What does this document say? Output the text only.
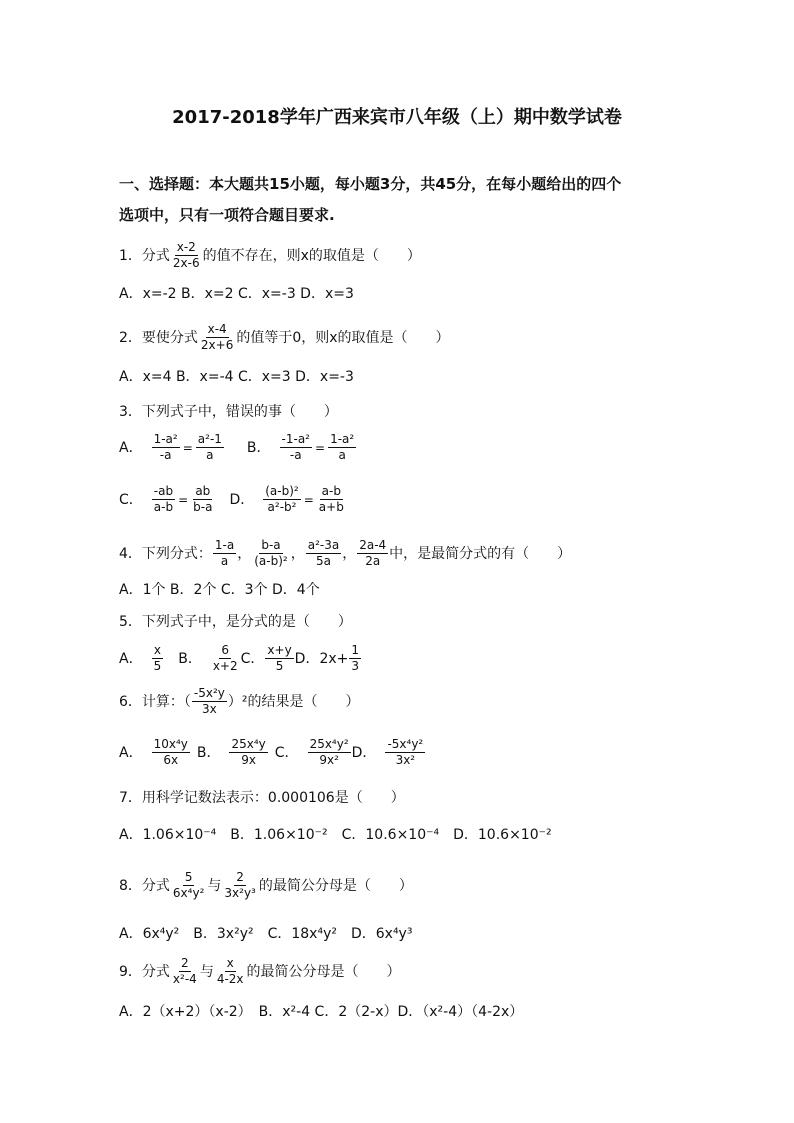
2017-2018学年广西来宾市八年级（上）期中数学试卷
一、选择题：本大题共15小题，每小题3分，共45分，在每小题给出的四个
选项中，只有一项符合题目要求.
1．分式 $\frac{x-2}{2x-6}$ 的值不存在，则x的取值是（　　）
A．x=-2 B．x=2 C．x=-3 D．x=3
2．要使分式 $\frac{x-4}{2x+6}$ 的值等于0，则x的取值是（　　）
A．x=4 B．x=-4 C．x=3 D．x=-3
3．下列式子中，错误的事（　　）
A． $\frac{\text{1-a²}}{-a} = \frac{\text{a²-1}}{a}$ B． $\frac{\text{-1-a²}}{-a} = \frac{\text{1-a²}}{a}$
C． $\frac{-ab}{a-b} = \frac{ab}{b-a}$ D． $\frac{\text{(a-b)²}}{\text{a²-b²}} = \frac{a-b}{a+b}$
4．下列分式： $\frac{1-a}{a}$ ， $\frac{b-a}{\text{(a-b)²}}$ ， $\frac{\text{a²-3a}}{5a}$ ， $\frac{2a-4}{2a}$ 中，是最简分式的有（　　）
A．1个 B．2个 C．3个 D．4个
5．下列式子中，是分式的是（　　）
A． $\frac{x}{5}$ B． $\frac{6}{x+2}$ C． $\frac{x+y}{5}$ D． $2x+ \frac{1}{3}$
6．计算：（ $\frac{\text{-5x²y}}{3x} )^2$的结果是（　　）
A． $\frac{\text{10x⁴y}}{6x}$ B． $\frac{\text{25x⁴y}}{9x}$ C． $\frac{\text{25x⁴y²}}{\text{9x²}}$ D． $\frac{\text{-5x⁴y²}}{\text{3x²}}$
7．用科学记数法表示：0.000106是（　　）
A．1.06×10⁻⁴　B．1.06×10⁻²　C．10.6×10⁻⁴　D．10.6×10⁻²
8．分式 $\frac{5}{\text{6x⁴y²}}$ 与 $\frac{2}{\text{3x²y³}}$ 的最简公分母是（　　）
A．6x⁴y²　B．3x²y²　C．18x⁴y²　D．6x⁴y³
9．分式 $\frac{2}{\text{x²-4}}$ 与 $\frac{x}{4-2x}$ 的最简公分母是（　　）
A．2（x+2）（x-2）　B．x²-4 C．2（2-x）D．（x²-4）（4-2x）
